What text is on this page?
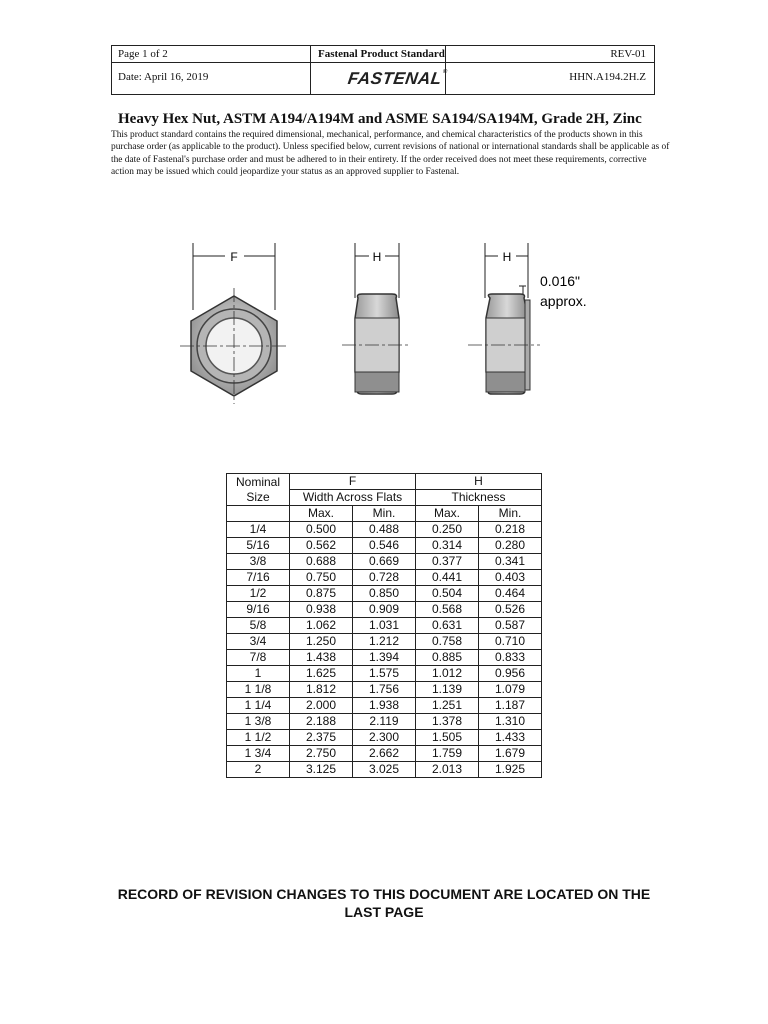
Page 1 of 2	Fastenal Product Standard	REV-01
Date: April 16, 2019	FASTENAL®	HHN.A194.2H.Z
Heavy Hex Nut, ASTM A194/A194M and ASME SA194/SA194M, Grade 2H, Zinc

This product standard contains the required dimensional, mechanical, performance, and chemical characteristics of the products shown in this purchase order (as applicable to the product). Unless specified below, current revisions of national or international standards shall be applicable as of the date of Fastenal's purchase order and must be adhered to in their entirety. If the order received does not meet these requirements, corrective action may be issued which could jeopardize your status as an approved supplier to Fastenal.

F	H	H
0.016"
approx.
Nominal
Size	F		H	
	Width Across Flats		Thickness	
	Max.	Min.	Max.	Min.
1/4	0.500	0.488	0.250	0.218
5/16	0.562	0.546	0.314	0.280
3/8	0.688	0.669	0.377	0.341
7/16	0.750	0.728	0.441	0.403
1/2	0.875	0.850	0.504	0.464
9/16	0.938	0.909	0.568	0.526
5/8	1.062	1.031	0.631	0.587
3/4	1.250	1.212	0.758	0.710
7/8	1.438	1.394	0.885	0.833
1	1.625	1.575	1.012	0.956
1 1/8	1.812	1.756	1.139	1.079
1 1/4	2.000	1.938	1.251	1.187
1 3/8	2.188	2.119	1.378	1.310
1 1/2	2.375	2.300	1.505	1.433
1 3/4	2.750	2.662	1.759	1.679
2	3.125	3.025	2.013	1.925
RECORD OF REVISION CHANGES TO THIS DOCUMENT ARE LOCATED ON THE
LAST PAGE
